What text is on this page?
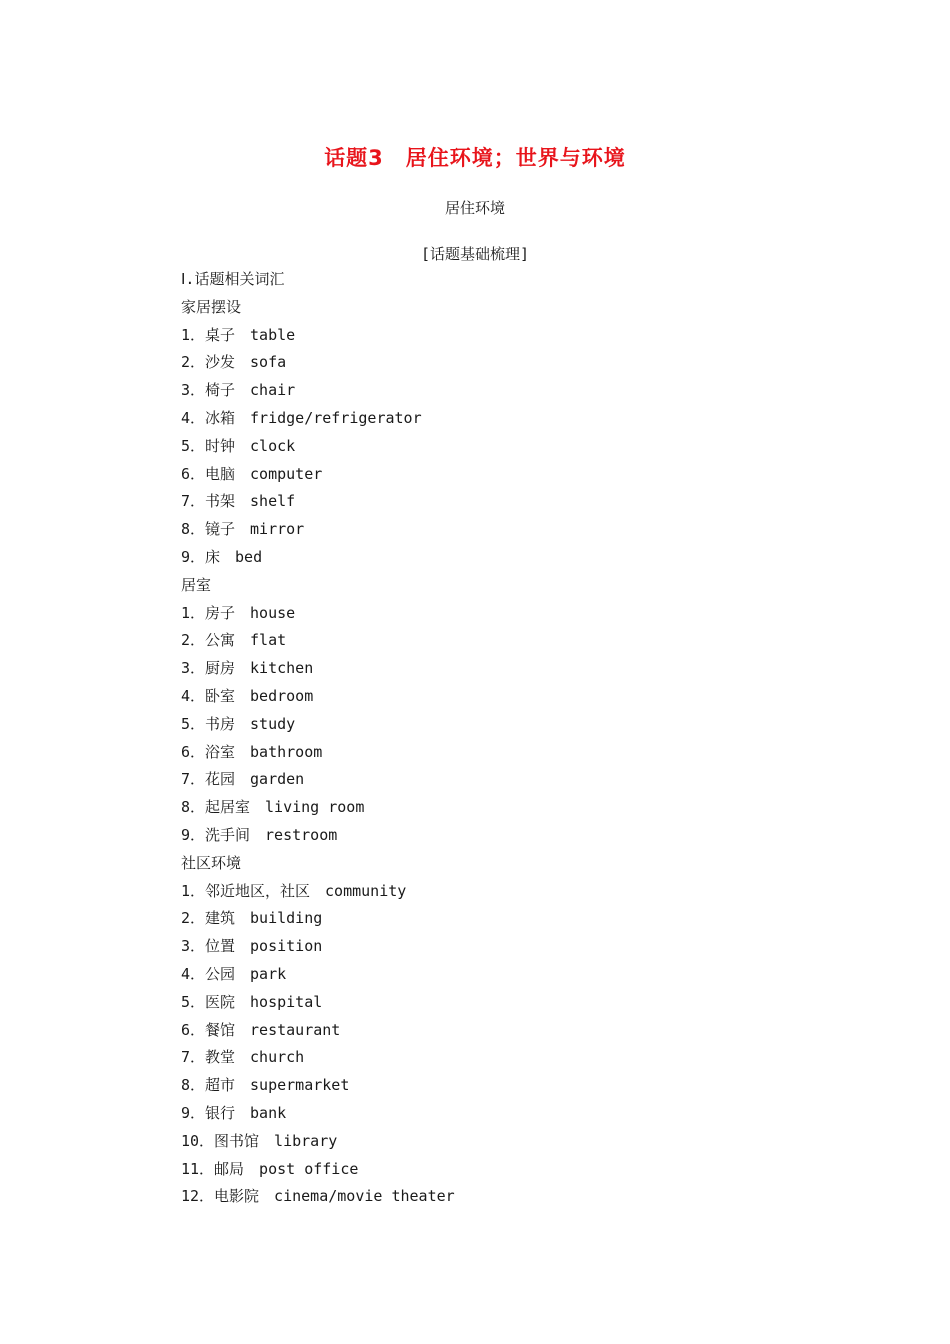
话题3　居住环境；世界与环境
居住环境
[话题基础梳理]
Ⅰ.话题相关词汇
家居摆设
1．桌子　table
2．沙发　sofa
3．椅子　chair
4．冰箱　fridge/refrigerator
5．时钟　clock
6．电脑　computer
7．书架　shelf
8．镜子　mirror
9．床　bed
居室
1．房子　house
2．公寓　flat
3．厨房　kitchen
4．卧室　bedroom
5．书房　study
6．浴室　bathroom
7．花园　garden
8．起居室　living room
9．洗手间　restroom
社区环境
1．邻近地区，社区　community
2．建筑　building
3．位置　position
4．公园　park
5．医院　hospital
6．餐馆　restaurant
7．教堂　church
8．超市　supermarket
9．银行　bank
10．图书馆　library
11．邮局　post office
12．电影院　cinema/movie theater
